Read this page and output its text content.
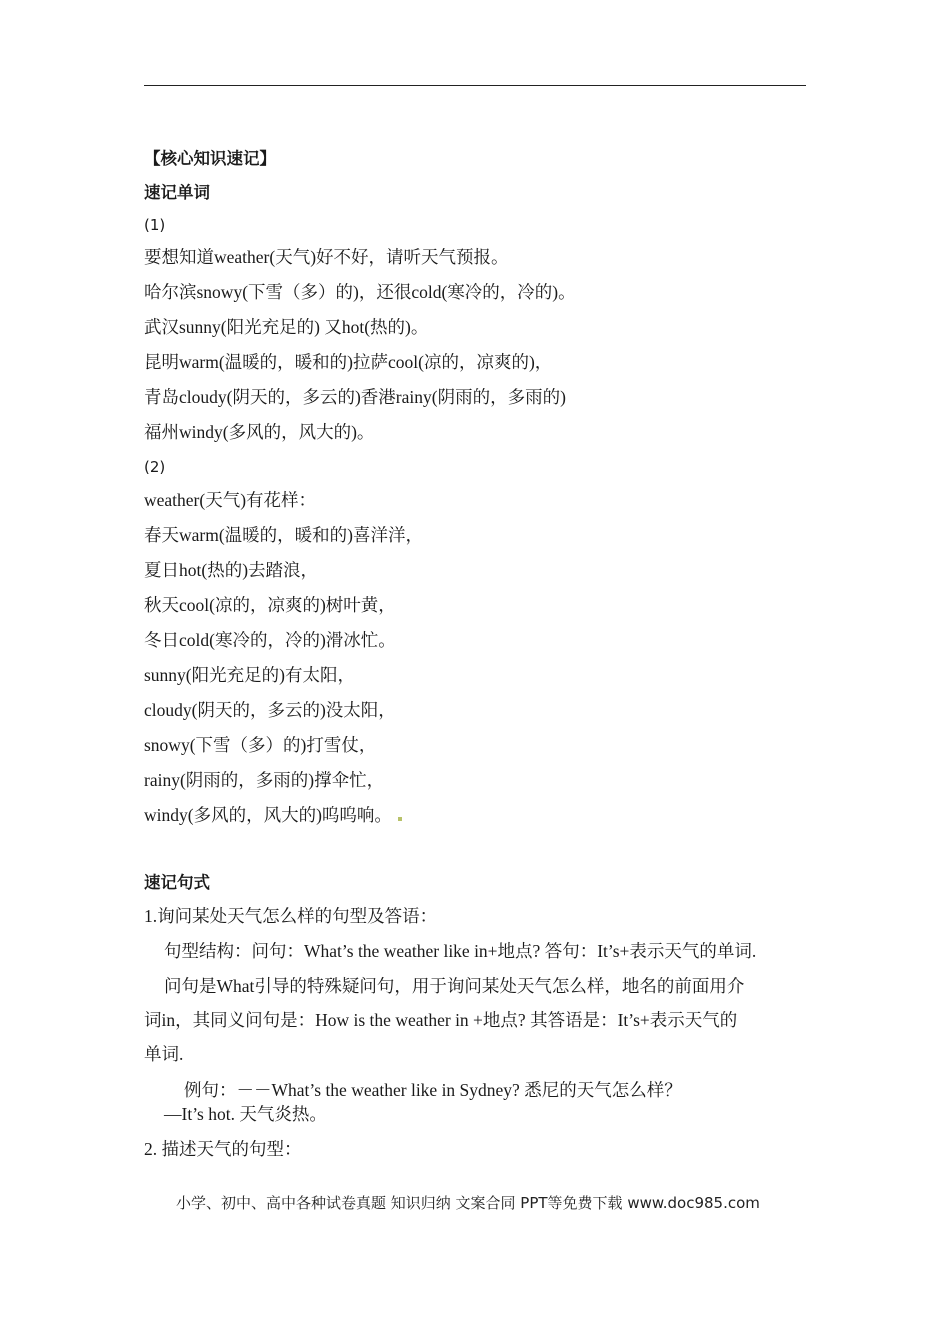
【核心知识速记】
速记单词
(1)
要想知道weather(天气)好不好，请听天气预报。
哈尔滨snowy(下雪（多）的)，还很cold(寒冷的，冷的)。
武汉sunny(阳光充足的) 又hot(热的)。
昆明warm(温暖的，暖和的)拉萨cool(凉的，凉爽的)，
青岛cloudy(阴天的，多云的)香港rainy(阴雨的，多雨的)
福州windy(多风的，风大的)。
(2)
weather(天气)有花样：
春天warm(温暖的，暖和的)喜洋洋，
夏日hot(热的)去踏浪，
秋天cool(凉的，凉爽的)树叶黄，
冬日cold(寒冷的，冷的)滑冰忙。
sunny(阳光充足的)有太阳，
cloudy(阴天的，多云的)没太阳，
snowy(下雪（多）的)打雪仗，
rainy(阴雨的，多雨的)撑伞忙，
windy(多风的，风大的)呜呜响。
速记句式
1.询问某处天气怎么样的句型及答语：
句型结构：问句：What’s the weather like in+地点? 答句：It’s+表示天气的单词.
问句是What引导的特殊疑问句，用于询问某处天气怎么样，地名的前面用介
词in，其同义问句是：How is the weather in +地点? 其答语是：It’s+表示天气的
单词.
例句：－－What’s the weather like in Sydney? 悉尼的天气怎么样？
—It’s hot. 天气炎热。
2. 描述天气的句型：
小学、初中、高中各种试卷真题 知识归纳 文案合同 PPT等免费下载 www.doc985.com
